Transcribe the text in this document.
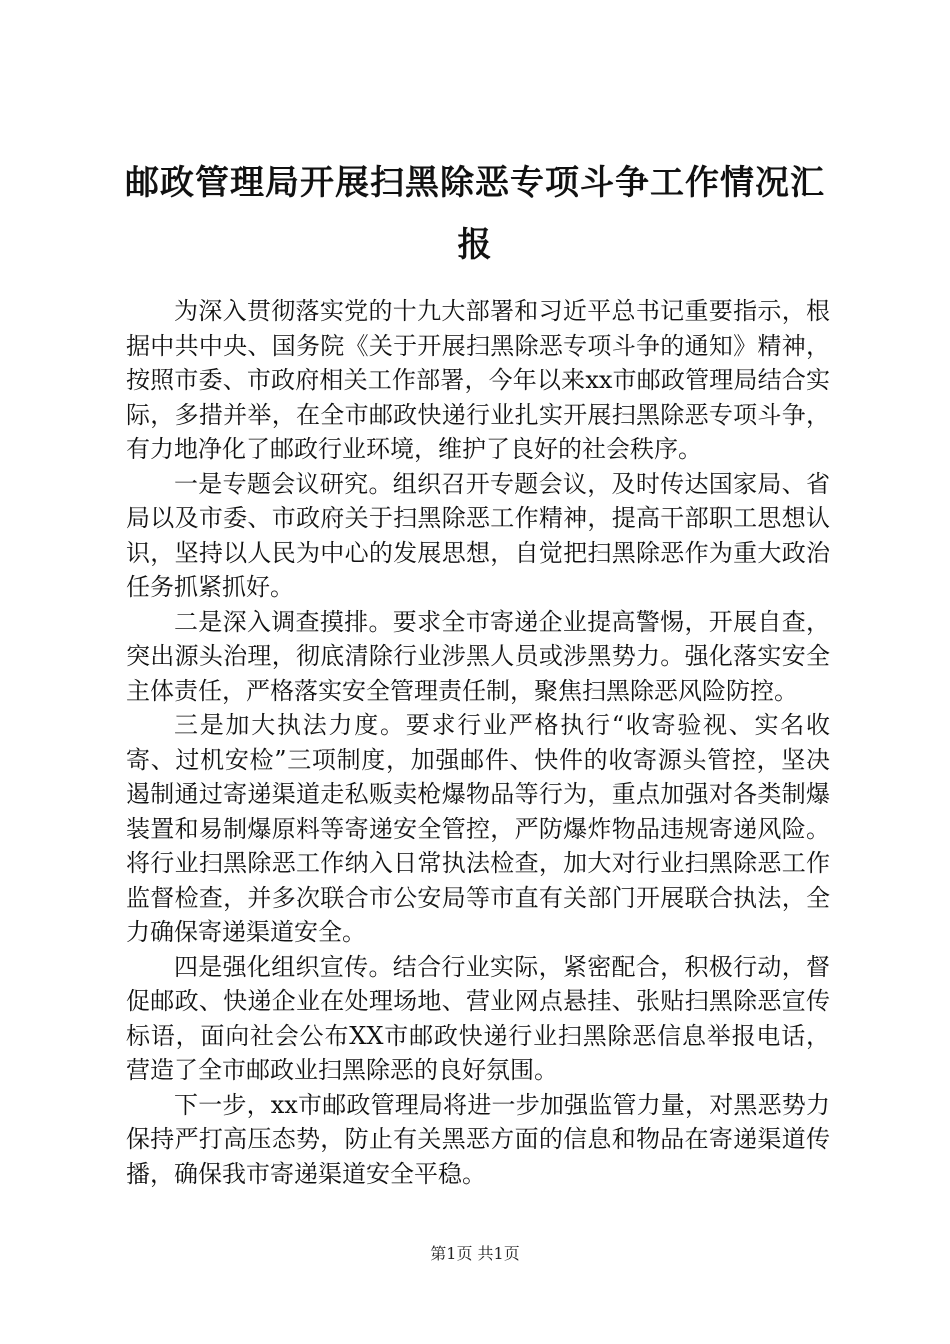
邮政管理局开展扫黑除恶专项斗争工作情况汇报

为深入贯彻落实党的十九大部署和习近平总书记重要指示，根据中共中央、国务院《关于开展扫黑除恶专项斗争的通知》精神，按照市委、市政府相关工作部署，今年以来xx市邮政管理局结合实际，多措并举，在全市邮政快递行业扎实开展扫黑除恶专项斗争，有力地净化了邮政行业环境，维护了良好的社会秩序。

一是专题会议研究。组织召开专题会议，及时传达国家局、省局以及市委、市政府关于扫黑除恶工作精神，提高干部职工思想认识，坚持以人民为中心的发展思想，自觉把扫黑除恶作为重大政治任务抓紧抓好。

二是深入调查摸排。要求全市寄递企业提高警惕，开展自查，突出源头治理，彻底清除行业涉黑人员或涉黑势力。强化落实安全主体责任，严格落实安全管理责任制，聚焦扫黑除恶风险防控。

三是加大执法力度。要求行业严格执行“收寄验视、实名收寄、过机安检”三项制度，加强邮件、快件的收寄源头管控，坚决遏制通过寄递渠道走私贩卖枪爆物品等行为，重点加强对各类制爆装置和易制爆原料等寄递安全管控，严防爆炸物品违规寄递风险。将行业扫黑除恶工作纳入日常执法检查，加大对行业扫黑除恶工作监督检查，并多次联合市公安局等市直有关部门开展联合执法，全力确保寄递渠道安全。

四是强化组织宣传。结合行业实际，紧密配合，积极行动，督促邮政、快递企业在处理场地、营业网点悬挂、张贴扫黑除恶宣传标语，面向社会公布XX市邮政快递行业扫黑除恶信息举报电话，营造了全市邮政业扫黑除恶的良好氛围。

下一步，xx市邮政管理局将进一步加强监管力量，对黑恶势力保持严打高压态势，防止有关黑恶方面的信息和物品在寄递渠道传播，确保我市寄递渠道安全平稳。

第1页 共1页
